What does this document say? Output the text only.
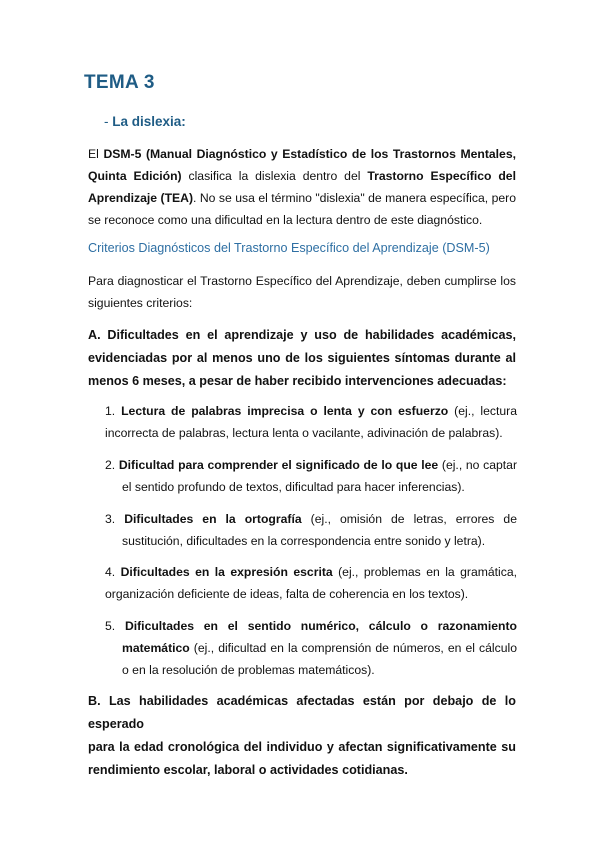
TEMA 3
- La dislexia:
El DSM-5 (Manual Diagnóstico y Estadístico de los Trastornos Mentales,
Quinta Edición) clasifica la dislexia dentro del Trastorno Específico del
Aprendizaje (TEA). No se usa el término "dislexia" de manera específica, pero
se reconoce como una dificultad en la lectura dentro de este diagnóstico.
Criterios Diagnósticos del Trastorno Específico del Aprendizaje (DSM-5)
Para diagnosticar el Trastorno Específico del Aprendizaje, deben cumplirse los
siguientes criterios:
A. Dificultades en el aprendizaje y uso de habilidades académicas,
evidenciadas por al menos uno de los siguientes síntomas durante al
menos 6 meses, a pesar de haber recibido intervenciones adecuadas:
1. Lectura de palabras imprecisa o lenta y con esfuerzo (ej., lectura
incorrecta de palabras, lectura lenta o vacilante, adivinación de palabras).
2. Dificultad para comprender el significado de lo que lee (ej., no captar
el sentido profundo de textos, dificultad para hacer inferencias).
3. Dificultades en la ortografía (ej., omisión de letras, errores de
sustitución, dificultades en la correspondencia entre sonido y letra).
4. Dificultades en la expresión escrita (ej., problemas en la gramática,
organización deficiente de ideas, falta de coherencia en los textos).
5. Dificultades en el sentido numérico, cálculo o razonamiento
matemático (ej., dificultad en la comprensión de números, en el cálculo
o en la resolución de problemas matemáticos).
B. Las habilidades académicas afectadas están por debajo de lo esperado
para la edad cronológica del individuo y afectan significativamente su
rendimiento escolar, laboral o actividades cotidianas.
